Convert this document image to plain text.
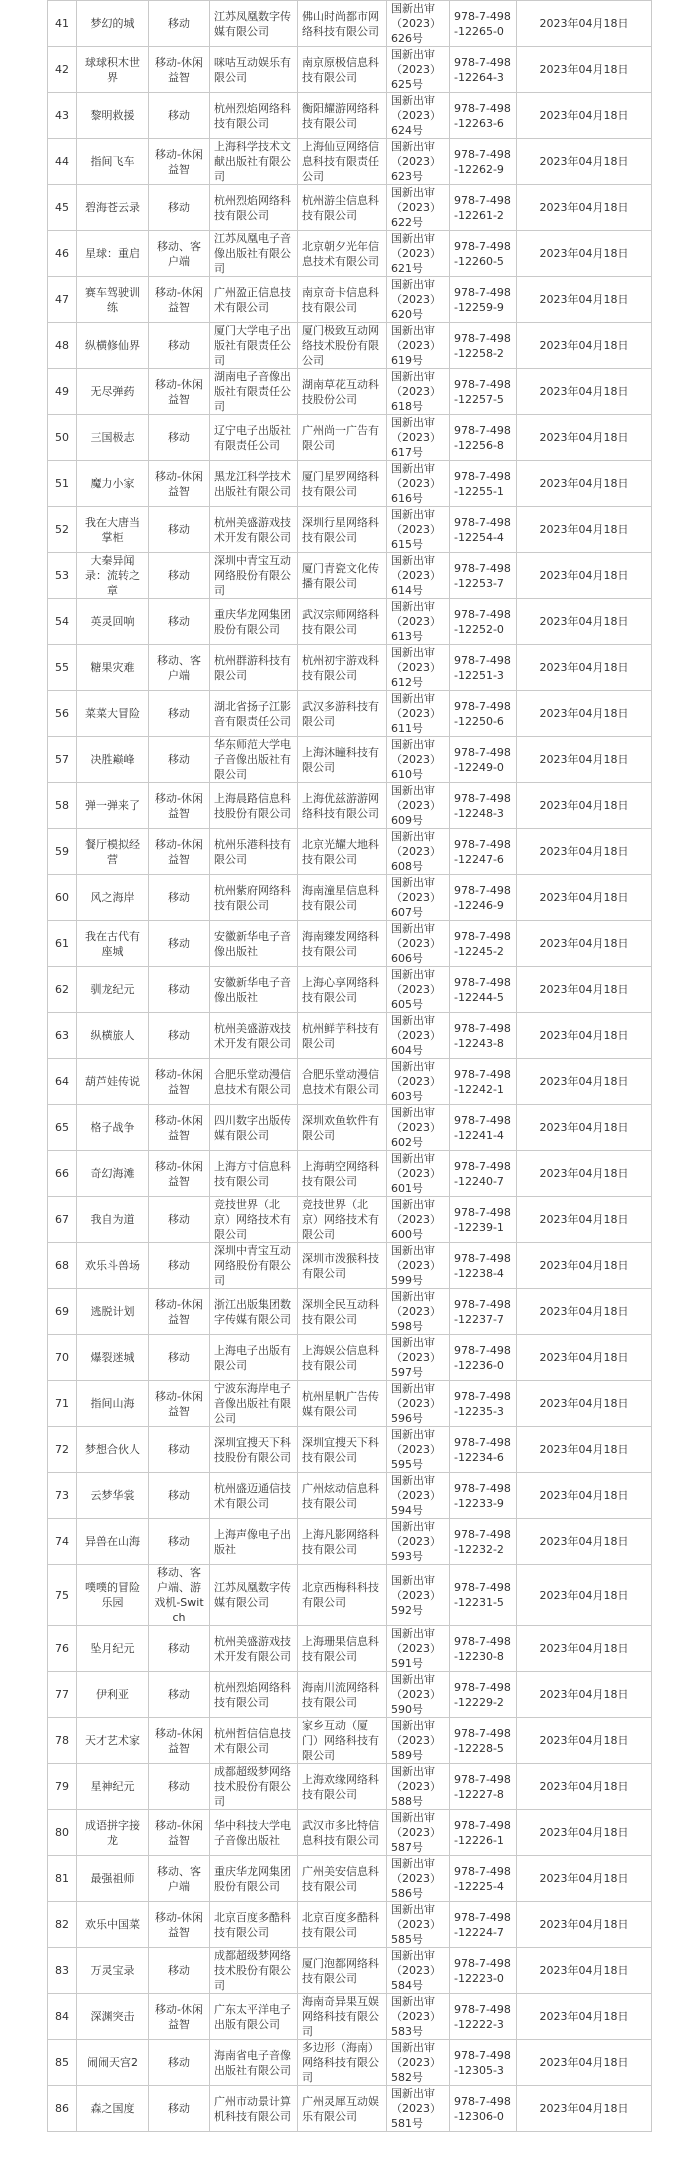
41	梦幻的城	移动	江苏凤凰数字传媒有限公司	佛山时尚都市网络科技有限公司	国新出审（2023）626号	978-7-498-12265-0	2023年04月18日
42	球球积木世界	移动-休闲益智	咪咕互动娱乐有限公司	南京原极信息科技有限公司	国新出审（2023）625号	978-7-498-12264-3	2023年04月18日
43	黎明救援	移动	杭州烈焰网络科技有限公司	衡阳耀游网络科技有限公司	国新出审（2023）624号	978-7-498-12263-6	2023年04月18日
44	指间飞车	移动-休闲益智	上海科学技术文献出版社有限公司	上海仙豆网络信息科技有限责任公司	国新出审（2023）623号	978-7-498-12262-9	2023年04月18日
45	碧海苍云录	移动	杭州烈焰网络科技有限公司	杭州游尘信息科技有限公司	国新出审（2023）622号	978-7-498-12261-2	2023年04月18日
46	星球：重启	移动、客户端	江苏凤凰电子音像出版社有限公司	北京朝夕光年信息技术有限公司	国新出审（2023）621号	978-7-498-12260-5	2023年04月18日
47	赛车驾驶训练	移动-休闲益智	广州盈正信息技术有限公司	南京奇卡信息科技有限公司	国新出审（2023）620号	978-7-498-12259-9	2023年04月18日
48	纵横修仙界	移动	厦门大学电子出版社有限责任公司	厦门极致互动网络技术股份有限公司	国新出审（2023）619号	978-7-498-12258-2	2023年04月18日
49	无尽弹药	移动-休闲益智	湖南电子音像出版社有限责任公司	湖南草花互动科技股份公司	国新出审（2023）618号	978-7-498-12257-5	2023年04月18日
50	三国极志	移动	辽宁电子出版社有限责任公司	广州尚一广告有限公司	国新出审（2023）617号	978-7-498-12256-8	2023年04月18日
51	魔力小家	移动-休闲益智	黑龙江科学技术出版社有限公司	厦门星罗网络科技有限公司	国新出审（2023）616号	978-7-498-12255-1	2023年04月18日
52	我在大唐当掌柜	移动	杭州美盛游戏技术开发有限公司	深圳行星网络科技有限公司	国新出审（2023）615号	978-7-498-12254-4	2023年04月18日
53	大秦异闻录：流转之章	移动	深圳中青宝互动网络股份有限公司	厦门青瓷文化传播有限公司	国新出审（2023）614号	978-7-498-12253-7	2023年04月18日
54	英灵回响	移动	重庆华龙网集团股份有限公司	武汉宗师网络科技有限公司	国新出审（2023）613号	978-7-498-12252-0	2023年04月18日
55	糖果灾难	移动、客户端	杭州群游科技有限公司	杭州初宇游戏科技有限公司	国新出审（2023）612号	978-7-498-12251-3	2023年04月18日
56	菜菜大冒险	移动	湖北省扬子江影音有限责任公司	武汉多游科技有限公司	国新出审（2023）611号	978-7-498-12250-6	2023年04月18日
57	决胜巅峰	移动	华东师范大学电子音像出版社有限公司	上海沐瞳科技有限公司	国新出审（2023）610号	978-7-498-12249-0	2023年04月18日
58	弹一弹来了	移动-休闲益智	上海晨路信息科技股份有限公司	上海优兹游游网络科技有限公司	国新出审（2023）609号	978-7-498-12248-3	2023年04月18日
59	餐厅模拟经营	移动-休闲益智	杭州乐港科技有限公司	北京光耀大地科技有限公司	国新出审（2023）608号	978-7-498-12247-6	2023年04月18日
60	风之海岸	移动	杭州紫府网络科技有限公司	海南潼星信息科技有限公司	国新出审（2023）607号	978-7-498-12246-9	2023年04月18日
61	我在古代有座城	移动	安徽新华电子音像出版社	海南臻发网络科技有限公司	国新出审（2023）606号	978-7-498-12245-2	2023年04月18日
62	驯龙纪元	移动	安徽新华电子音像出版社	上海心享网络科技有限公司	国新出审（2023）605号	978-7-498-12244-5	2023年04月18日
63	纵横旅人	移动	杭州美盛游戏技术开发有限公司	杭州鲜芋科技有限公司	国新出审（2023）604号	978-7-498-12243-8	2023年04月18日
64	葫芦娃传说	移动-休闲益智	合肥乐堂动漫信息技术有限公司	合肥乐堂动漫信息技术有限公司	国新出审（2023）603号	978-7-498-12242-1	2023年04月18日
65	格子战争	移动-休闲益智	四川数字出版传媒有限公司	深圳欢鱼软件有限公司	国新出审（2023）602号	978-7-498-12241-4	2023年04月18日
66	奇幻海滩	移动-休闲益智	上海方寸信息科技有限公司	上海萌空网络科技有限公司	国新出审（2023）601号	978-7-498-12240-7	2023年04月18日
67	我自为道	移动	竞技世界（北京）网络技术有限公司	竞技世界（北京）网络技术有限公司	国新出审（2023）600号	978-7-498-12239-1	2023年04月18日
68	欢乐斗兽场	移动	深圳中青宝互动网络股份有限公司	深圳市泼猴科技有限公司	国新出审（2023）599号	978-7-498-12238-4	2023年04月18日
69	逃脱计划	移动-休闲益智	浙江出版集团数字传媒有限公司	深圳全民互动科技有限公司	国新出审（2023）598号	978-7-498-12237-7	2023年04月18日
70	爆裂迷城	移动	上海电子出版有限公司	上海娱公信息科技有限公司	国新出审（2023）597号	978-7-498-12236-0	2023年04月18日
71	指间山海	移动-休闲益智	宁波东海岸电子音像出版社有限公司	杭州星帆广告传媒有限公司	国新出审（2023）596号	978-7-498-12235-3	2023年04月18日
72	梦想合伙人	移动	深圳宜搜天下科技股份有限公司	深圳宜搜天下科技有限公司	国新出审（2023）595号	978-7-498-12234-6	2023年04月18日
73	云梦华裳	移动	杭州盛迈通信技术有限公司	广州炫动信息科技有限公司	国新出审（2023）594号	978-7-498-12233-9	2023年04月18日
74	异兽在山海	移动	上海声像电子出版社	上海凡影网络科技有限公司	国新出审（2023）593号	978-7-498-12232-2	2023年04月18日
75	噗噗的冒险乐园	移动、客户端、游戏机-Switch	江苏凤凰数字传媒有限公司	北京西梅科科技有限公司	国新出审（2023）592号	978-7-498-12231-5	2023年04月18日
76	坠月纪元	移动	杭州美盛游戏技术开发有限公司	上海珊果信息科技有限公司	国新出审（2023）591号	978-7-498-12230-8	2023年04月18日
77	伊利亚	移动	杭州烈焰网络科技有限公司	海南川流网络科技有限公司	国新出审（2023）590号	978-7-498-12229-2	2023年04月18日
78	天才艺术家	移动-休闲益智	杭州哲信信息技术有限公司	家乡互动（厦门）网络科技有限公司	国新出审（2023）589号	978-7-498-12228-5	2023年04月18日
79	星神纪元	移动	成都超级梦网络技术股份有限公司	上海欢缘网络科技有限公司	国新出审（2023）588号	978-7-498-12227-8	2023年04月18日
80	成语拼字接龙	移动-休闲益智	华中科技大学电子音像出版社	武汉市多比特信息科技有限公司	国新出审（2023）587号	978-7-498-12226-1	2023年04月18日
81	最强祖师	移动、客户端	重庆华龙网集团股份有限公司	广州美安信息科技有限公司	国新出审（2023）586号	978-7-498-12225-4	2023年04月18日
82	欢乐中国菜	移动-休闲益智	北京百度多酷科技有限公司	北京百度多酷科技有限公司	国新出审（2023）585号	978-7-498-12224-7	2023年04月18日
83	万灵宝录	移动	成都超级梦网络技术股份有限公司	厦门泡都网络科技有限公司	国新出审（2023）584号	978-7-498-12223-0	2023年04月18日
84	深渊突击	移动-休闲益智	广东太平洋电子出版有限公司	海南奇异果互娱网络科技有限公司	国新出审（2023）583号	978-7-498-12222-3	2023年04月18日
85	闹闹天宫2	移动	海南省电子音像出版社有限公司	多边形（海南）网络科技有限公司	国新出审（2023）582号	978-7-498-12305-3	2023年04月18日
86	森之国度	移动	广州市动景计算机科技有限公司	广州灵犀互动娱乐有限公司	国新出审（2023）581号	978-7-498-12306-0	2023年04月18日
